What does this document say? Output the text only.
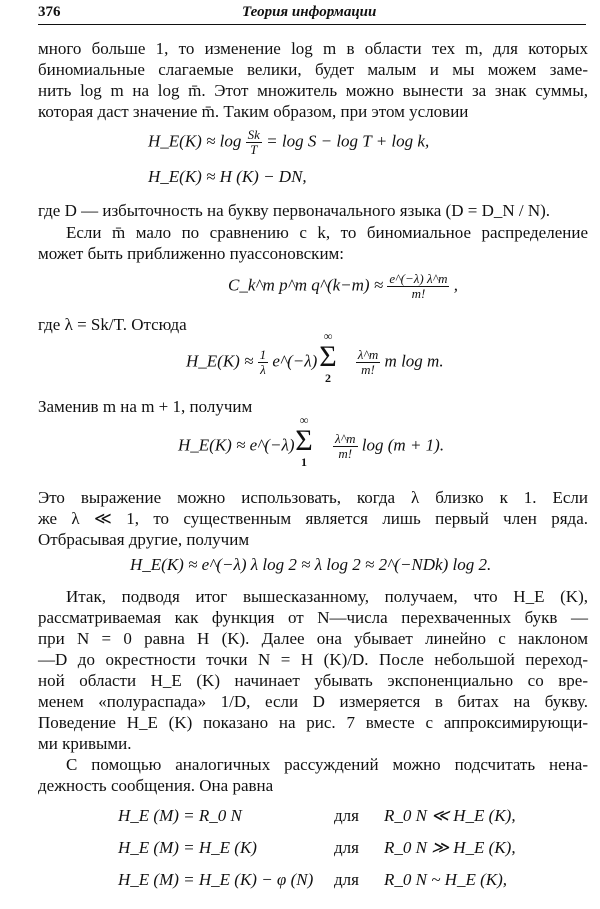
376	Теория информации
много больше 1, то изменение log m в области тех m, для которых
биномиальные слагаемые велики, будет малым и мы можем заме-
нить log m на log m̄. Этот множитель можно вынести за знак суммы,
которая даст значение m̄. Таким образом, при этом условии
H_E(K) ≈ $\log \frac{Sk}{T} = \log S - \log T + \log k$,
H_E(K) ≈ H (K) − DN,
где D — избыточность на букву первоначального языка (D = D_N / N).
Если m̄ мало по сравнению с k, то биномиальное распределение
может быть приближенно пуассоновским:
C_k^m p^m q^(k−m) ≈ $\frac{e\^{}(-\lambda) \lambda\^{}m}{m!}$ ,
где λ = Sk/T. Отсюда
H_E(K) ≈ $\frac{1}{\lambda}$ e^(−λ)	$\frac{\lambda\^{}m}{m!}$ m log m.
∞
Σ
2
Заменив m на m + 1, получим
H_E(K) ≈ e^(−λ)	$\frac{\lambda\^{}m}{m!}$ log (m + 1).
∞
Σ
1
Это выражение можно использовать, когда λ близко к 1. Если
же λ ≪ 1, то существенным является лишь первый член ряда.
Отбрасывая другие, получим
H_E(K) ≈ e^(−λ) λ log 2 ≈ λ log 2 ≈ 2^(−NDk) log 2.
Итак, подводя итог вышесказанному, получаем, что H_E (K),
рассматриваемая как функция от N—числа перехваченных букв —
при N = 0 равна H (K). Далее она убывает линейно с наклоном
—D до окрестности точки N = H (K)/D. После небольшой переход-
ной области H_E (K) начинает убывать экспоненциально со вре-
менем «полураспада» 1/D, если D измеряется в битах на букву.
Поведение H_E (K) показано на рис. 7 вместе с аппроксимирующи-
ми кривыми.
С помощью аналогичных рассуждений можно подсчитать нена-
дежность сообщения. Она равна
H_E (M) = R_0 N	для R_0 N ≪ H_E (K),
H_E (M) = H_E (K)	для R_0 N ≫ H_E (K),
H_E (M) = H_E (K) − φ (N) для R_0 N ~ H_E (K),
